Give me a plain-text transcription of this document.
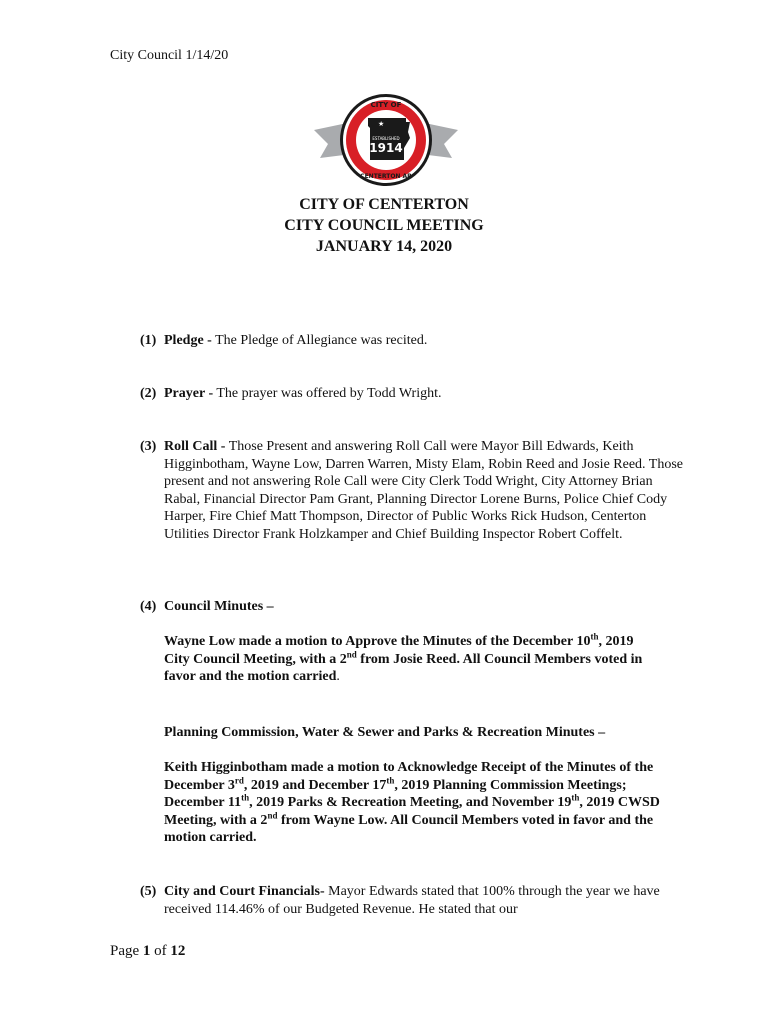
City Council 1/14/20
★
ESTABLISHED
1914
CITY OF
CENTERTON AR
CITY OF CENTERTON
CITY COUNCIL MEETING
JANUARY 14, 2020
(1) Pledge - The Pledge of Allegiance was recited.
(2) Prayer - The prayer was offered by Todd Wright.
(3) Roll Call - Those Present and answering Roll Call were Mayor Bill Edwards, Keith Higginbotham, Wayne Low, Darren Warren, Misty Elam, Robin Reed and Josie Reed. Those present and not answering Role Call were City Clerk Todd Wright, City Attorney Brian Rabal, Financial Director Pam Grant, Planning Director Lorene Burns, Police Chief Cody Harper, Fire Chief Matt Thompson, Director of Public Works Rick Hudson, Centerton Utilities Director Frank Holzkamper and Chief Building Inspector Robert Coffelt.
(4) Council Minutes –
Wayne Low made a motion to Approve the Minutes of the December 10th, 2019 City Council Meeting, with a 2nd from Josie Reed. All Council Members voted in favor and the motion carried.
Planning Commission, Water & Sewer and Parks & Recreation Minutes –
Keith Higginbotham made a motion to Acknowledge Receipt of the Minutes of the December 3rd, 2019 and December 17th, 2019 Planning Commission Meetings; December 11th, 2019 Parks & Recreation Meeting, and November 19th, 2019 CWSD Meeting, with a 2nd from Wayne Low. All Council Members voted in favor and the motion carried.
(5) City and Court Financials- Mayor Edwards stated that 100% through the year we have received 114.46% of our Budgeted Revenue. He stated that our
Page 1 of 12
